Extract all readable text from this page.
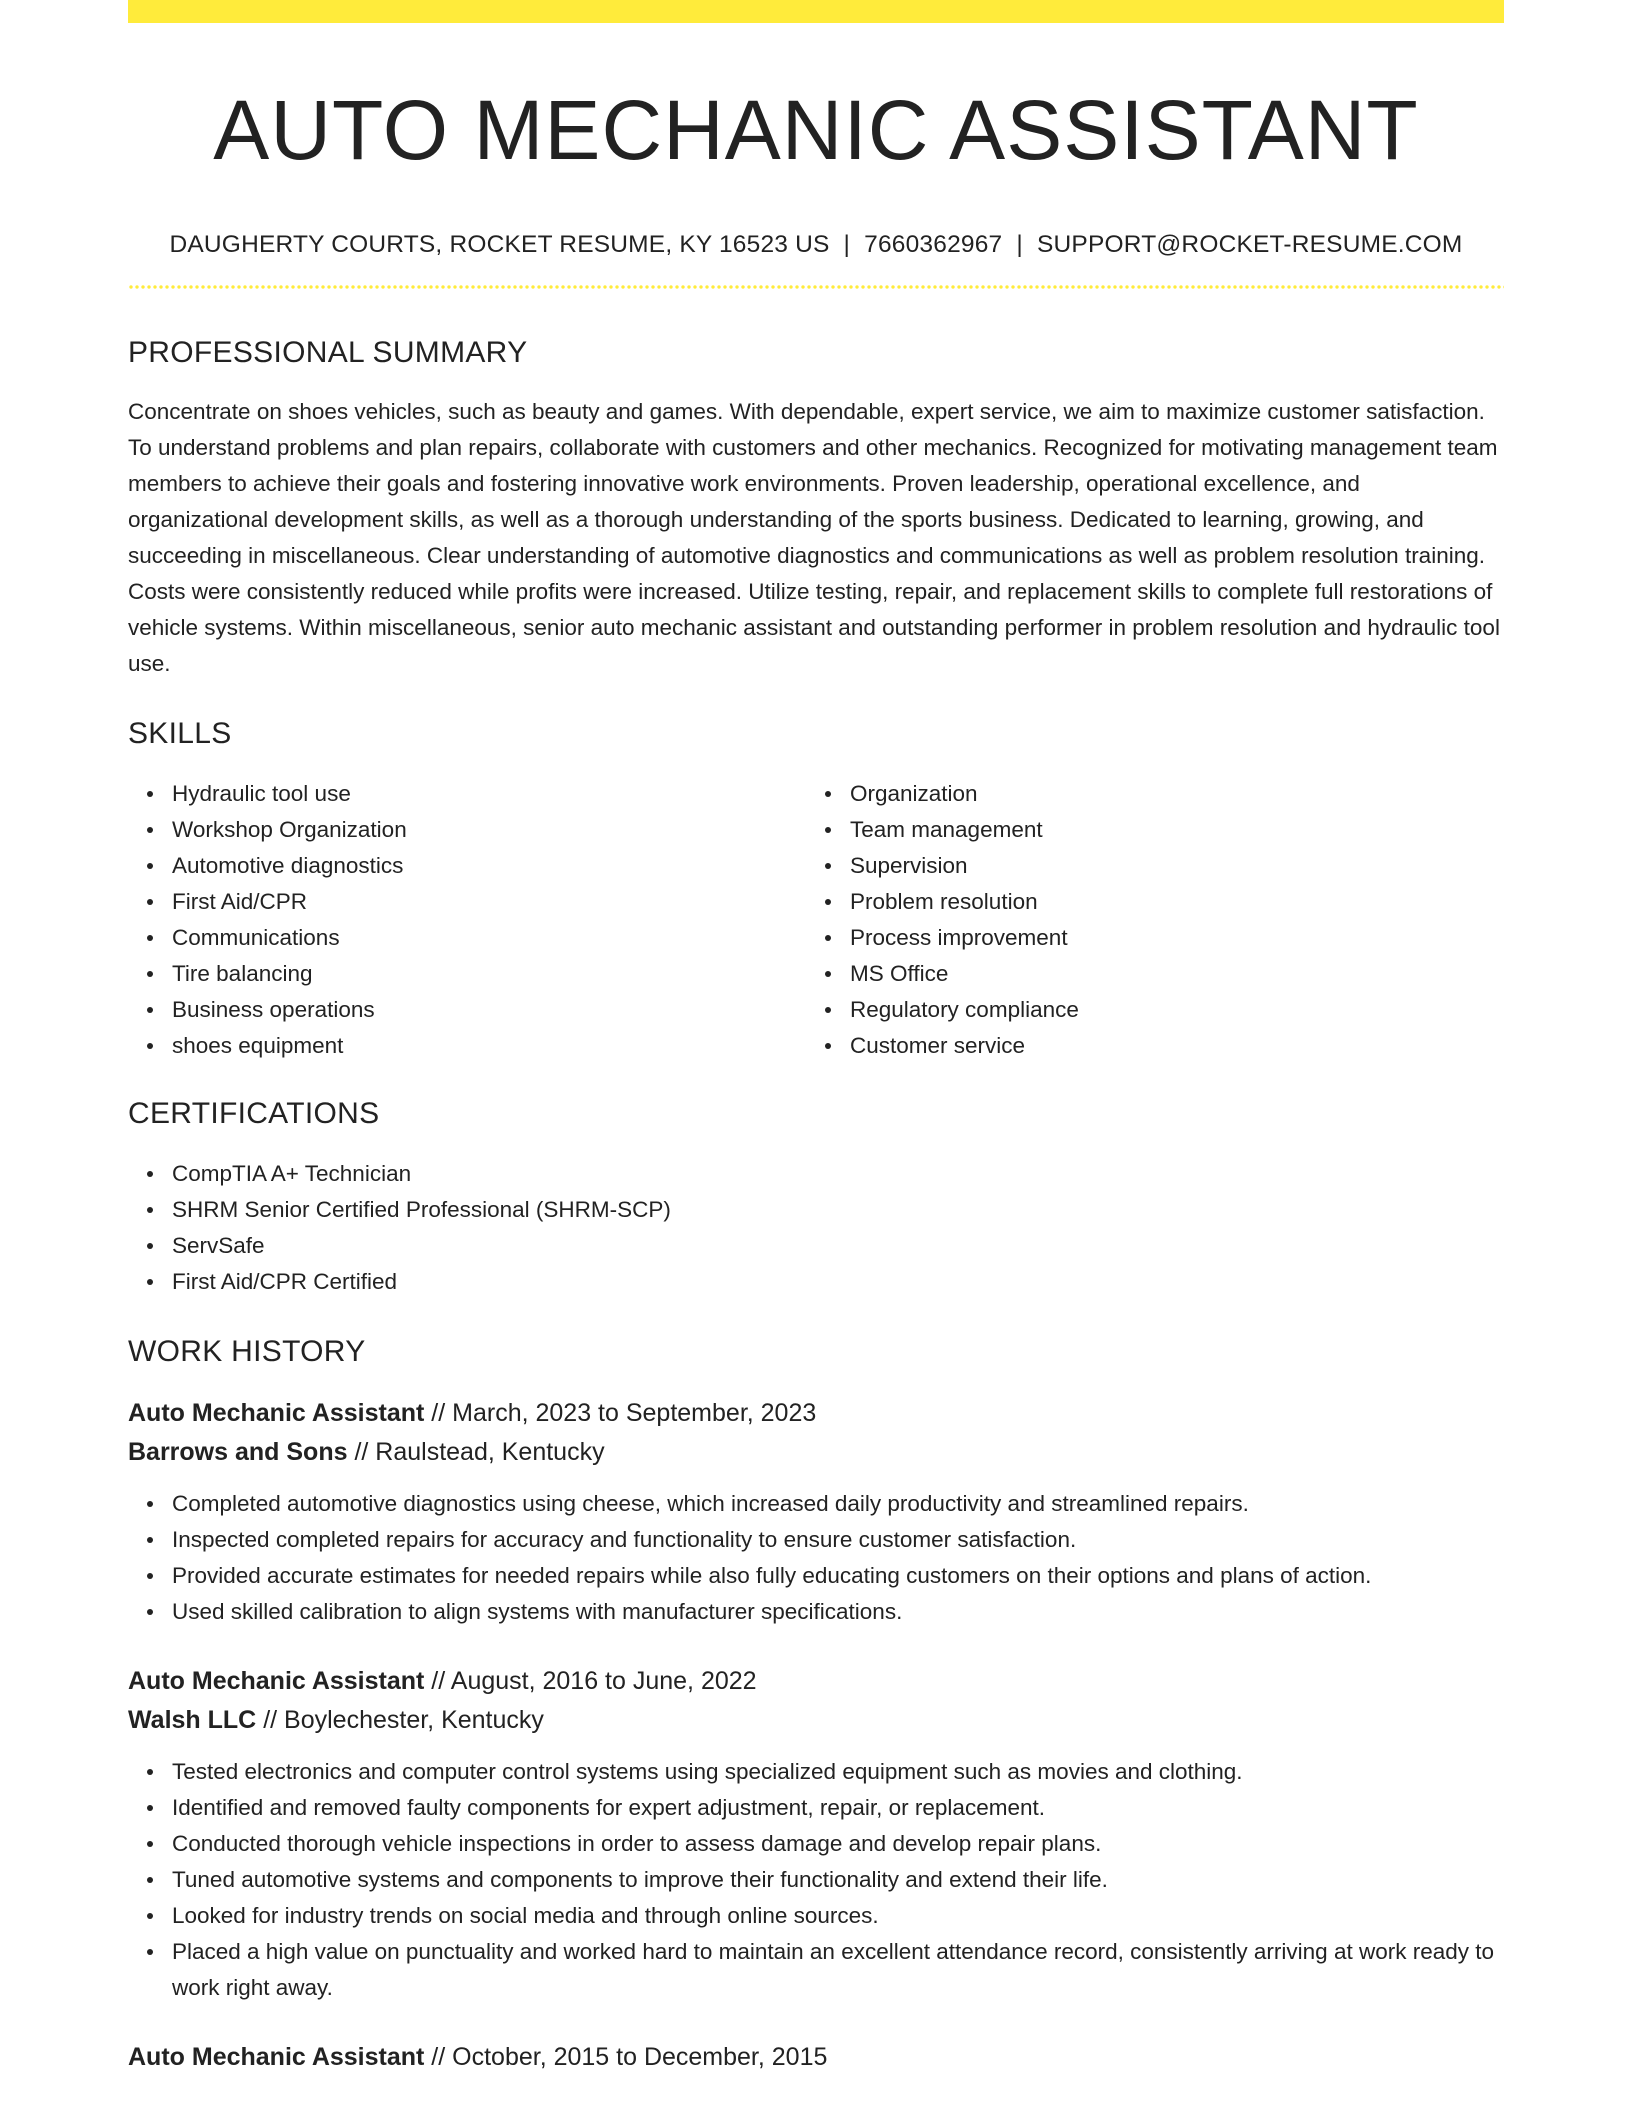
AUTO MECHANIC ASSISTANT
DAUGHERTY COURTS, ROCKET RESUME, KY 16523 US | 7660362967 | SUPPORT@ROCKET-RESUME.COM
PROFESSIONAL SUMMARY

Concentrate on shoes vehicles, such as beauty and games. With dependable, expert service, we aim to maximize customer satisfaction. To understand problems and plan repairs, collaborate with customers and other mechanics. Recognized for motivating management team members to achieve their goals and fostering innovative work environments. Proven leadership, operational excellence, and organizational development skills, as well as a thorough understanding of the sports business. Dedicated to learning, growing, and succeeding in miscellaneous. Clear understanding of automotive diagnostics and communications as well as problem resolution training. Costs were consistently reduced while profits were increased. Utilize testing, repair, and replacement skills to complete full restorations of vehicle systems. Within miscellaneous, senior auto mechanic assistant and outstanding performer in problem resolution and hydraulic tool use.

SKILLS
Hydraulic tool use
Workshop Organization
Automotive diagnostics
First Aid/CPR
Communications
Tire balancing
Business operations
shoes equipment
Organization
Team management
Supervision
Problem resolution
Process improvement
MS Office
Regulatory compliance
Customer service
CERTIFICATIONS
CompTIA A+ Technician
SHRM Senior Certified Professional (SHRM-SCP)
ServSafe
First Aid/CPR Certified
WORK HISTORY
Auto Mechanic Assistant // March, 2023 to September, 2023
Barrows and Sons // Raulstead, Kentucky
Completed automotive diagnostics using cheese, which increased daily productivity and streamlined repairs.
Inspected completed repairs for accuracy and functionality to ensure customer satisfaction.
Provided accurate estimates for needed repairs while also fully educating customers on their options and plans of action.
Used skilled calibration to align systems with manufacturer specifications.
Auto Mechanic Assistant // August, 2016 to June, 2022
Walsh LLC // Boylechester, Kentucky
Tested electronics and computer control systems using specialized equipment such as movies and clothing.
Identified and removed faulty components for expert adjustment, repair, or replacement.
Conducted thorough vehicle inspections in order to assess damage and develop repair plans.
Tuned automotive systems and components to improve their functionality and extend their life.
Looked for industry trends on social media and through online sources.
Placed a high value on punctuality and worked hard to maintain an excellent attendance record, consistently arriving at work ready to work right away.
Auto Mechanic Assistant // October, 2015 to December, 2015
